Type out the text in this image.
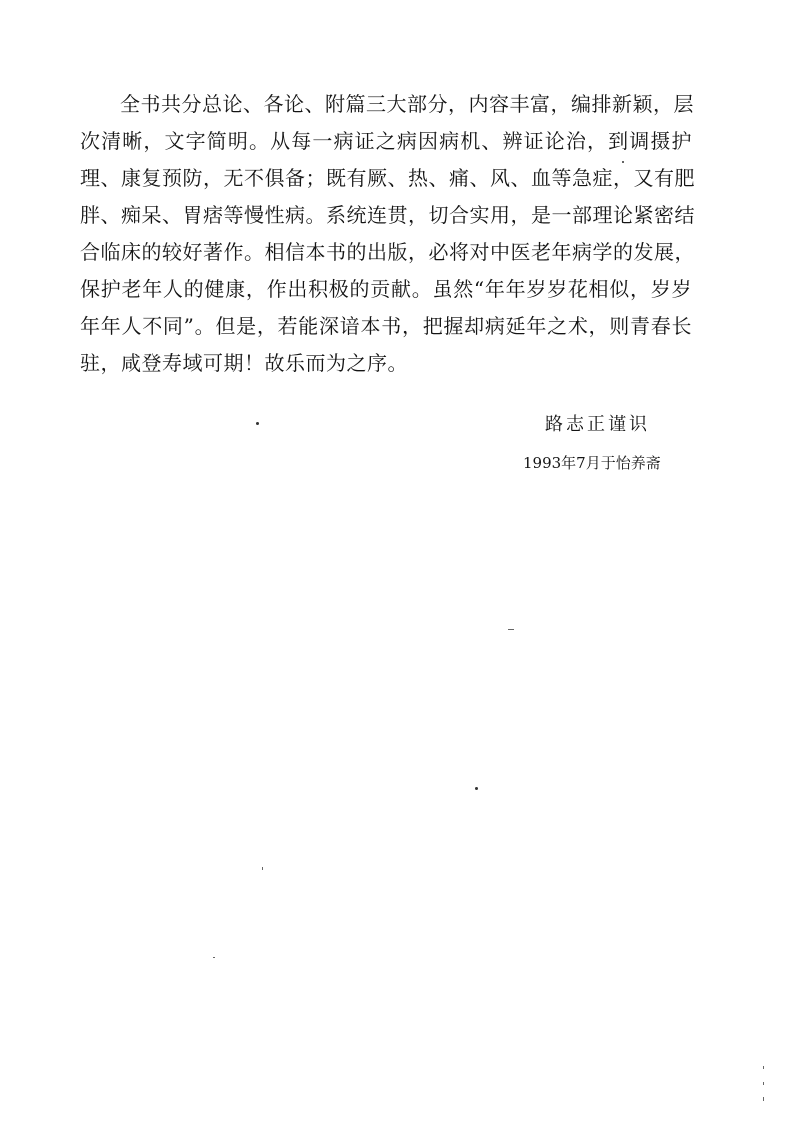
全书共分总论、各论、附篇三大部分，内容丰富，编排新颖，层
次清晰，文字简明。从每一病证之病因病机、辨证论治，到调摄护
理、康复预防，无不俱备；既有厥、热、痛、风、血等急症，又有肥
胖、痴呆、胃痞等慢性病。系统连贯，切合实用，是一部理论紧密结
合临床的较好著作。相信本书的出版，必将对中医老年病学的发展，
保护老年人的健康，作出积极的贡献。虽然“年年岁岁花相似，岁岁
年年人不同”。但是，若能深谙本书，把握却病延年之术，则青春长
驻，咸登寿域可期！故乐而为之序。
路志正谨识
1993年7月于怡养斋
